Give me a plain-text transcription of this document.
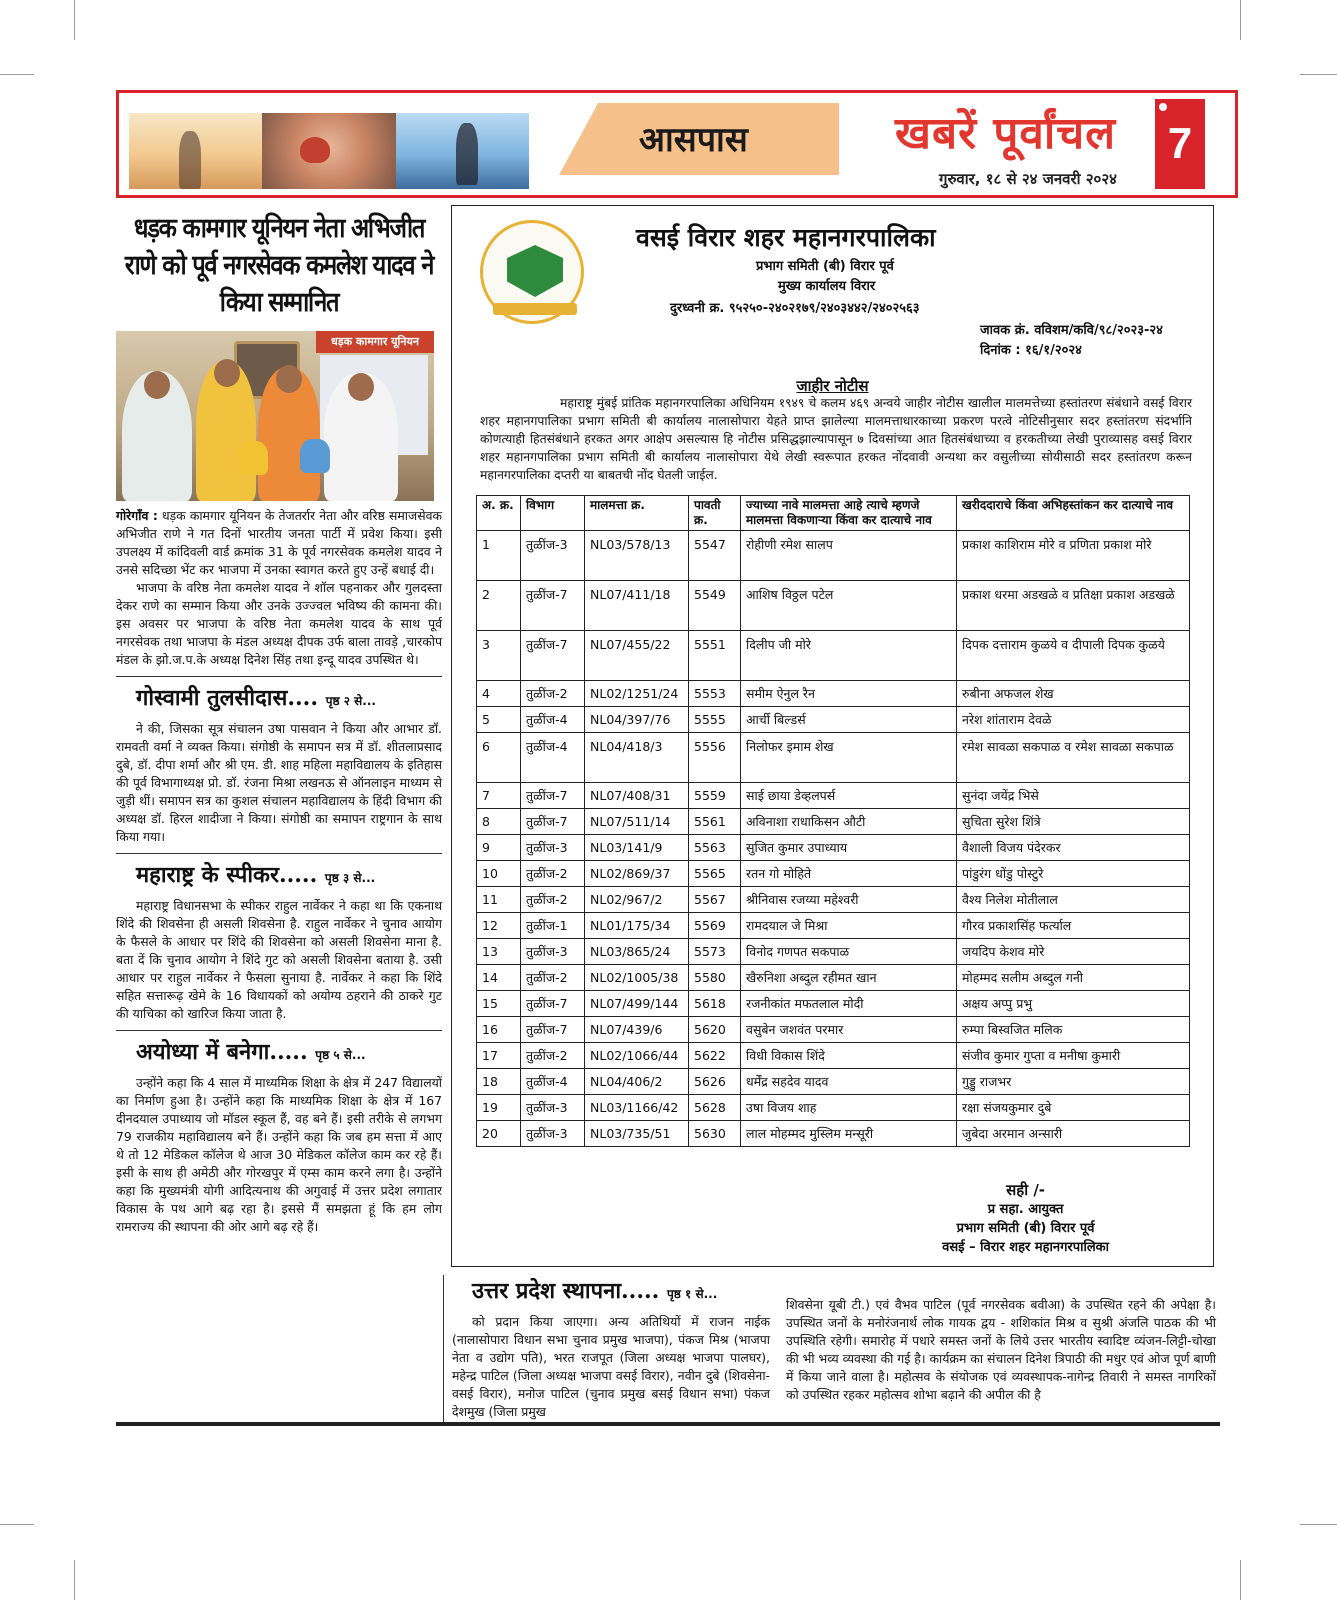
आसपास	खबरें पूर्वांचल
गुरुवार, १८ से २४ जनवरी २०२४
7
धड़क कामगार यूनियन नेता अभिजीत राणे को पूर्व नगरसेवक कमलेश यादव ने किया सम्मानित
धड़क कामगार यूनियन

गोरेगाँव : धड़क कामगार यूनियन के तेजतर्रार नेता और वरिष्ठ समाजसेवक अभिजीत राणे ने गत दिनों भारतीय जनता पार्टी में प्रवेश किया। इसी उपलक्ष्य में कांदिवली वार्ड क्रमांक 31 के पूर्व नगरसेवक कमलेश यादव ने उनसे सदिच्छा भेंट कर भाजपा में उनका स्वागत करते हुए उन्हें बधाई दी।

भाजपा के वरिष्ठ नेता कमलेश यादव ने शॉल पहनाकर और गुलदस्ता देकर राणे का सम्मान किया और उनके उज्ज्वल भविष्य की कामना की। इस अवसर पर भाजपा के वरिष्ठ नेता कमलेश यादव के साथ पूर्व नगरसेवक तथा भाजपा के मंडल अध्यक्ष दीपक उर्फ बाला तावड़े ,चारकोप मंडल के झो.ज.प.के अध्यक्ष दिनेश सिंह तथा इन्दू यादव उपस्थित थे।

गोस्वामी तुलसीदास.... पृष्ठ २ से...

ने की, जिसका सूत्र संचालन उषा पासवान ने किया और आभार डॉ. रामवती वर्मा ने व्यक्त किया। संगोष्ठी के समापन सत्र में डॉ. शीतलाप्रसाद दुबे, डॉ. दीपा शर्मा और श्री एम. डी. शाह महिला महाविद्यालय के इतिहास की पूर्व विभागाध्यक्ष प्रो. डॉ. रंजना मिश्रा लखनऊ से ऑनलाइन माध्यम से जुड़ी थीं। समापन सत्र का कुशल संचालन महाविद्यालय के हिंदी विभाग की अध्यक्ष डॉ. हिरल शादीजा ने किया। संगोष्ठी का समापन राष्ट्रगान के साथ किया गया।

महाराष्ट्र के स्पीकर..... पृष्ठ ३ से...

महाराष्ट्र विधानसभा के स्पीकर राहुल नार्वेकर ने कहा था कि एकनाथ शिंदे की शिवसेना ही असली शिवसेना है. राहुल नार्वेकर ने चुनाव आयोग के फैसले के आधार पर शिंदे की शिवसेना को असली शिवसेना माना है. बता दें कि चुनाव आयोग ने शिंदे गुट को असली शिवसेना बताया है. उसी आधार पर राहुल नार्वेकर ने फैसला सुनाया है. नार्वेकर ने कहा कि शिंदे सहित सत्तारूढ़ खेमे के 16 विधायकों को अयोग्य ठहराने की ठाकरे गुट की याचिका को खारिज किया जाता है.

अयोध्या में बनेगा..... पृष्ठ ५ से...

उन्होंने कहा कि 4 साल में माध्यमिक शिक्षा के क्षेत्र में 247 विद्यालयों का निर्माण हुआ है। उन्होंने कहा कि माध्यमिक शिक्षा के क्षेत्र में 167 दीनदयाल उपाध्याय जो मॉडल स्कूल हैं, वह बने हैं। इसी तरीके से लगभग 79 राजकीय महाविद्यालय बने हैं। उन्होंने कहा कि जब हम सत्ता में आए थे तो 12 मेडिकल कॉलेज थे आज 30 मेडिकल कॉलेज काम कर रहे हैं। इसी के साथ ही अमेठी और गोरखपुर में एम्स काम करने लगा है। उन्होंने कहा कि मुख्यमंत्री योगी आदित्यनाथ की अगुवाई में उत्तर प्रदेश लगातार विकास के पथ आगे बढ़ रहा है। इससे मैं समझता हूं कि हम लोग रामराज्य की स्थापना की ओर आगे बढ़ रहे हैं।

वसई विरार शहर महानगरपालिका
प्रभाग समिती (बी) विरार पूर्व
मुख्य कार्यालय विरार
दुरध्वनी क्र. ९५२५०-२४०२१७९/२४०३४४२/२४०२५६३
जावक क्रं. वविशम/कवि/९८/२०२३-२४
दिनांक : १६/१/२०२४
जाहीर नोटीस

महाराष्ट्र मुंबई प्रांतिक महानगरपालिका अधिनियम १९४९ चे कलम ४६९ अन्वये जाहीर नोटीस खालील मालमत्तेच्या हस्तांतरण संबंधाने वसई विरार शहर महानगपालिका प्रभाग समिती बी कार्यालय नालासोपारा येहते प्राप्त झालेल्या मालमत्ताधारकाच्या प्रकरण परत्वे नोटिसीनुसार सदर हस्तांतरण संदर्भानि कोणत्याही हितसंबंधाने हरकत अगर आक्षेप असल्यास हि नोटीस प्रसिद्धझाल्यापासून ७ दिवसांच्या आत हितसंबंधाच्या व हरकतीच्या लेखी पुराव्यासह वसई विरार शहर महानगपालिका प्रभाग समिती बी कार्यालय नालासोपारा येथे लेखी स्वरूपात हरकत नोंदवावी अन्यथा कर वसुलीच्या सोयीसाठी सदर हस्तांतरण करून महानगरपालिका दप्तरी या बाबतची नोंद घेतली जाईल.

अ. क्र.	विभाग	मालमत्ता क्र.	पावती क्र.	ज्याच्या नावे मालमत्ता आहे त्याचे म्हणजे मालमत्ता विकणाऱ्या किंवा कर दात्याचे नाव	खरीददाराचे किंवा अभिहस्तांकन कर दात्याचे नाव
1	तुळींज-3	NL03/578/13	5547	रोहीणी रमेश सालप	प्रकाश काशिराम मोरे व प्रणिता प्रकाश मोरे
2	तुळींज-7	NL07/411/18	5549	आशिष विठ्ठल पटेल	प्रकाश धरमा अडखळे व प्रतिक्षा प्रकाश अडखळे
3	तुळींज-7	NL07/455/22	5551	दिलीप जी मोरे	दिपक दत्ताराम कुळये व दीपाली दिपक कुळये
4	तुळींज-2	NL02/1251/24	5553	समीम ऐनुल रैन	रुबीना अफजल शेख
5	तुळींज-4	NL04/397/76	5555	आर्ची बिल्डर्स	नरेश शांताराम देवळे
6	तुळींज-4	NL04/418/3	5556	निलोफर इमाम शेख	रमेश सावळा सकपाळ व रमेश सावळा सकपाळ
7	तुळींज-7	NL07/408/31	5559	साई छाया डेव्हलपर्स	सुनंदा जयेंद्र भिसे
8	तुळींज-7	NL07/511/14	5561	अविनाशा राधाकिसन औटी	सुचिता सुरेश शिंत्रे
9	तुळींज-3	NL03/141/9	5563	सुजित कुमार उपाध्याय	वैशाली विजय पंदेरकर
10	तुळींज-2	NL02/869/37	5565	रतन गो मोहिते	पांडुरंग धोंडु पोस्टुरे
11	तुळींज-2	NL02/967/2	5567	श्रीनिवास रजय्या महेश्वरी	वैश्य निलेश मोतीलाल
12	तुळींज-1	NL01/175/34	5569	रामदयाल जे मिश्रा	गौरव प्रकाशसिंह फर्त्याल
13	तुळींज-3	NL03/865/24	5573	विनोद गणपत सकपाळ	जयदिप केशव मोरे
14	तुळींज-2	NL02/1005/38	5580	खैरुनिशा अब्दुल रहीमत खान	मोहम्मद सलीम अब्दुल गनी
15	तुळींज-7	NL07/499/144	5618	रजनीकांत मफतलाल मोदी	अक्षय अप्पु प्रभु
16	तुळींज-7	NL07/439/6	5620	वसुबेन जशवंत परमार	रुम्पा बिस्वजित मलिक
17	तुळींज-2	NL02/1066/44	5622	विधी विकास शिंदे	संजीव कुमार गुप्ता व मनीषा कुमारी
18	तुळींज-4	NL04/406/2	5626	धर्मेंद्र सहदेव यादव	गुड्डु राजभर
19	तुळींज-3	NL03/1166/42	5628	उषा विजय शाह	रक्षा संजयकुमार दुबे
20	तुळींज-3	NL03/735/51	5630	लाल मोहम्मद मुस्लिम मन्सूरी	जुबेदा अरमान अन्सारी
सही /-
प्र सहा. आयुक्त
प्रभाग समिती (बी) विरार पूर्व
वसई – विरार शहर महानगरपालिका
उत्तर प्रदेश स्थापना..... पृष्ठ १ से...

को प्रदान किया जाएगा। अन्य अतिथियों में राजन नाईक (नालासोपारा विधान सभा चुनाव प्रमुख भाजपा), पंकज मिश्र (भाजपा नेता व उद्योग पति), भरत राजपूत (जिला अध्यक्ष भाजपा पालघर), महेन्द्र पाटिल (जिला अध्यक्ष भाजपा वसई विरार), नवीन दुबे (शिवसेना-वसई विरार), मनोज पाटिल (चुनाव प्रमुख बसई विधान सभा) पंकज देशमुख (जिला प्रमुख

शिवसेना यूबी टी.) एवं वैभव पाटिल (पूर्व नगरसेवक बवीआ) के उपस्थित रहने की अपेक्षा है।उपस्थित जनों के मनोरंजनार्थ लोक गायक द्वय - शशिकांत मिश्र व सुश्री अंजलि पाठक की भी उपस्थिति रहेगी। समारोह में पधारे समस्त जनों के लिये उत्तर भारतीय स्वादिष्ट व्यंजन-लिट्टी-चोखा की भी भव्य व्यवस्था की गई है। कार्यक्रम का संचालन दिनेश त्रिपाठी की मधुर एवं ओज पूर्ण बाणी में किया जाने वाला है। महोत्सव के संयोजक एवं व्यवस्थापक-नागेन्द्र तिवारी ने समस्त नागरिकों को उपस्थित रहकर महोत्सव शोभा बढ़ाने की अपील की है
